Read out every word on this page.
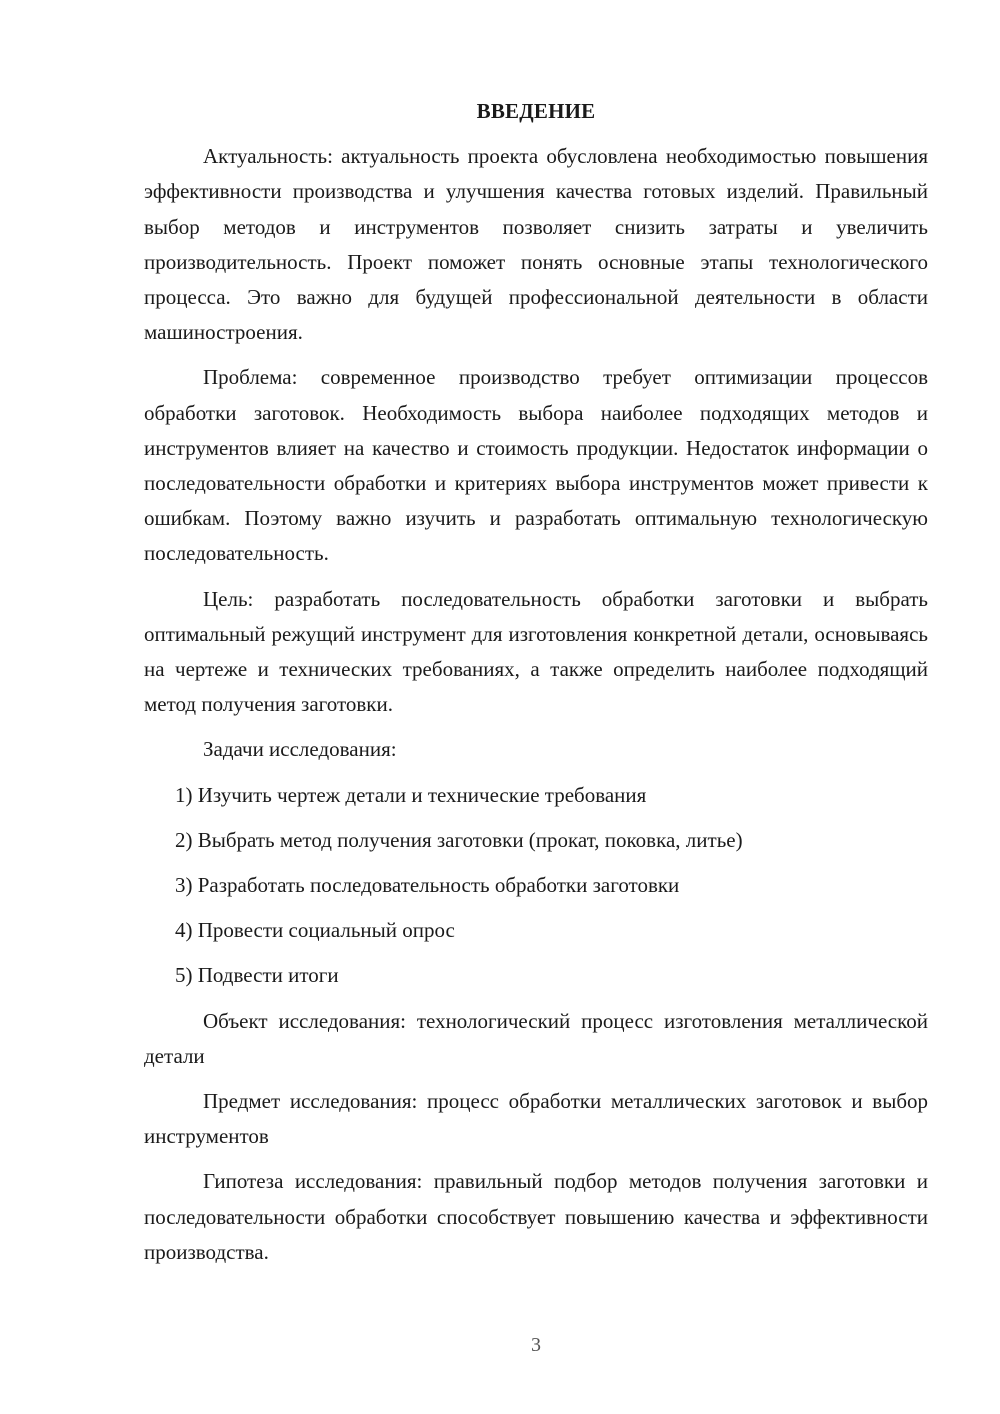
ВВЕДЕНИЕ
Актуальность: актуальность проекта обусловлена необходимостью повышения эффективности производства и улучшения качества готовых изделий. Правильный выбор методов и инструментов позволяет снизить затраты и увеличить производительность. Проект поможет понять основные этапы технологического процесса. Это важно для будущей профессиональной деятельности в области машиностроения.
Проблема: современное производство требует оптимизации процессов обработки заготовок. Необходимость выбора наиболее подходящих методов и инструментов влияет на качество и стоимость продукции. Недостаток информации о последовательности обработки и критериях выбора инструментов может привести к ошибкам. Поэтому важно изучить и разработать оптимальную технологическую последовательность.
Цель: разработать последовательность обработки заготовки и выбрать оптимальный режущий инструмент для изготовления конкретной детали, основываясь на чертеже и технических требованиях, а также определить наиболее подходящий метод получения заготовки.
Задачи исследования:
1) Изучить чертеж детали и технические требования
2) Выбрать метод получения заготовки (прокат, поковка, литье)
3) Разработать последовательность обработки заготовки
4) Провести социальный опрос
5) Подвести итоги
Объект исследования: технологический процесс изготовления металлической детали
Предмет исследования: процесс обработки металлических заготовок и выбор инструментов
Гипотеза исследования: правильный подбор методов получения заготовки и последовательности обработки способствует повышению качества и эффективности производства.
3
